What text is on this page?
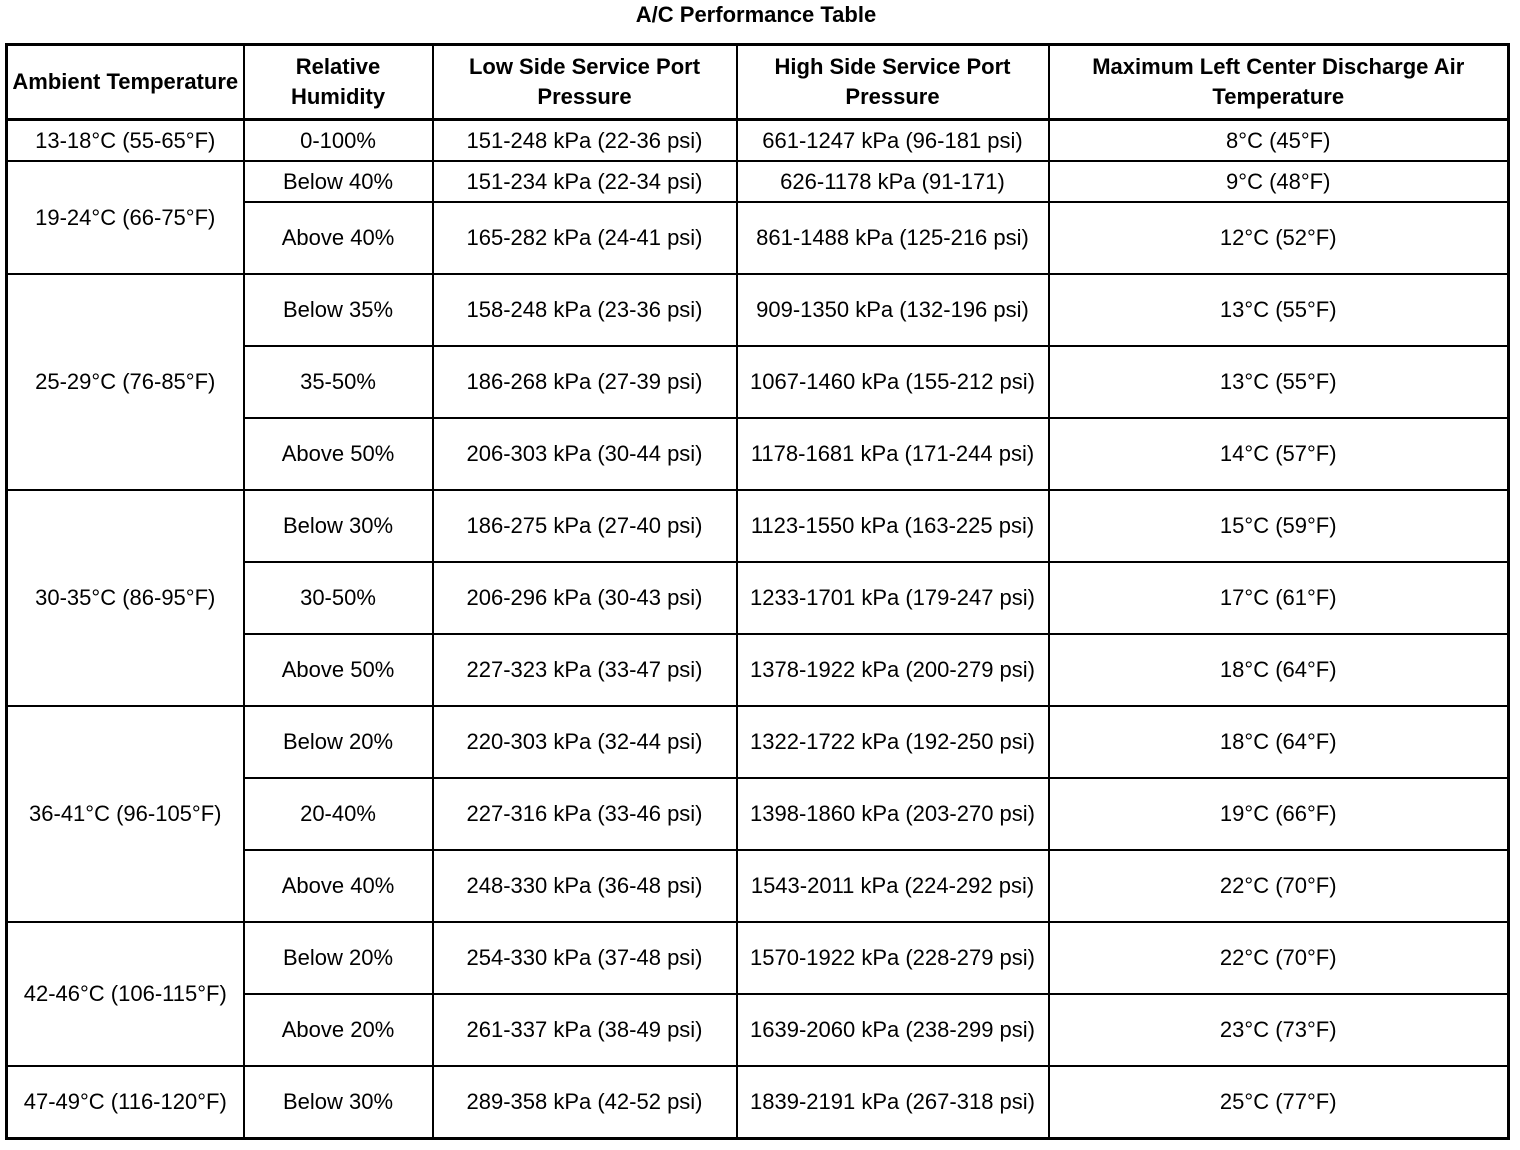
A/C Performance Table
Ambient Temperature	Relative Humidity	Low Side Service Port Pressure	High Side Service Port Pressure	Maximum Left Center Discharge Air Temperature
13-18°C (55-65°F)	0-100%	151-248 kPa (22-36 psi)	661-1247 kPa (96-181 psi)	8°C (45°F)
19-24°C (66-75°F)	Below 40%	151-234 kPa (22-34 psi)	626-1178 kPa (91-171)	9°C (48°F)
	Above 40%	165-282 kPa (24-41 psi)	861-1488 kPa (125-216 psi)	12°C (52°F)
25-29°C (76-85°F)	Below 35%	158-248 kPa (23-36 psi)	909-1350 kPa (132-196 psi)	13°C (55°F)
	35-50%	186-268 kPa (27-39 psi)	1067-1460 kPa (155-212 psi)	13°C (55°F)
	Above 50%	206-303 kPa (30-44 psi)	1178-1681 kPa (171-244 psi)	14°C (57°F)
30-35°C (86-95°F)	Below 30%	186-275 kPa (27-40 psi)	1123-1550 kPa (163-225 psi)	15°C (59°F)
	30-50%	206-296 kPa (30-43 psi)	1233-1701 kPa (179-247 psi)	17°C (61°F)
	Above 50%	227-323 kPa (33-47 psi)	1378-1922 kPa (200-279 psi)	18°C (64°F)
36-41°C (96-105°F)	Below 20%	220-303 kPa (32-44 psi)	1322-1722 kPa (192-250 psi)	18°C (64°F)
	20-40%	227-316 kPa (33-46 psi)	1398-1860 kPa (203-270 psi)	19°C (66°F)
	Above 40%	248-330 kPa (36-48 psi)	1543-2011 kPa (224-292 psi)	22°C (70°F)
42-46°C (106-115°F)	Below 20%	254-330 kPa (37-48 psi)	1570-1922 kPa (228-279 psi)	22°C (70°F)
	Above 20%	261-337 kPa (38-49 psi)	1639-2060 kPa (238-299 psi)	23°C (73°F)
47-49°C (116-120°F)	Below 30%	289-358 kPa (42-52 psi)	1839-2191 kPa (267-318 psi)	25°C (77°F)
